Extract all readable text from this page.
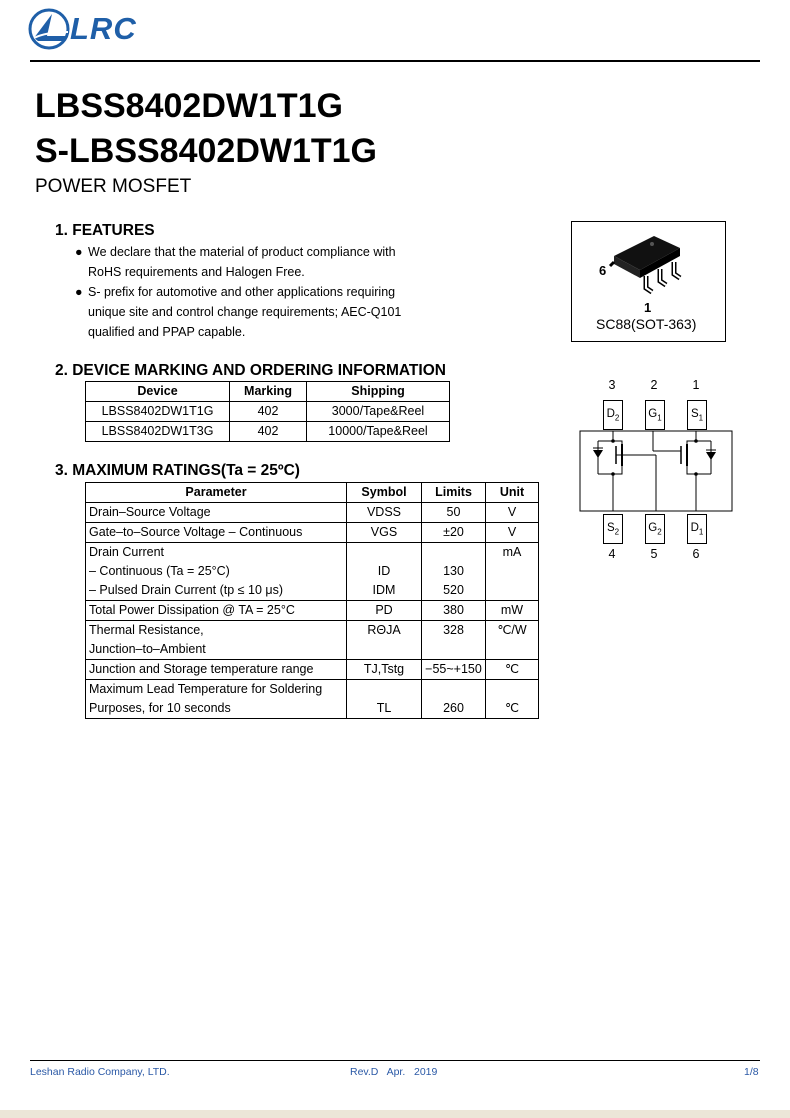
LRC
LBSS8402DW1T1G
S-LBSS8402DW1T1G
POWER MOSFET
1. FEATURES
● We declare that the material of product compliance with
RoHS requirements and Halogen Free.
● S- prefix for automotive and other applications requiring
unique site and control change requirements; AEC-Q101
qualified and PPAP capable.
6
1
SC88(SOT-363)
2. DEVICE MARKING AND ORDERING INFORMATION
Device	Marking	Shipping
LBSS8402DW1T1G	402	3000/Tape&Reel
LBSS8402DW1T3G	402	10000/Tape&Reel
3. MAXIMUM RATINGS(Ta = 25ºC)
Parameter	Symbol	Limits	Unit
Drain–Source Voltage	VDSS	50	V
Gate–to–Source Voltage – Continuous	VGS	±20	V
Drain Current			mA
– Continuous (Ta = 25°C)	ID	130	
– Pulsed Drain Current (tp ≤ 10 μs)	IDM	520	
Total Power Dissipation @ TA = 25°C	PD	380	mW
Thermal Resistance,	RΘJA	328	℃/W
Junction–to–Ambient			
Junction and Storage temperature range	TJ,Tstg	−55~+150	℃
Maximum Lead Temperature for Soldering			
Purposes, for 10 seconds	TL	260	℃
3	2	1
$D_2$	$G_1$	$S_1$
$S_2$	$G_2$	$D_1$
4	5	6
Leshan Radio Company, LTD.	Rev.D   Apr.   2019	1/8
